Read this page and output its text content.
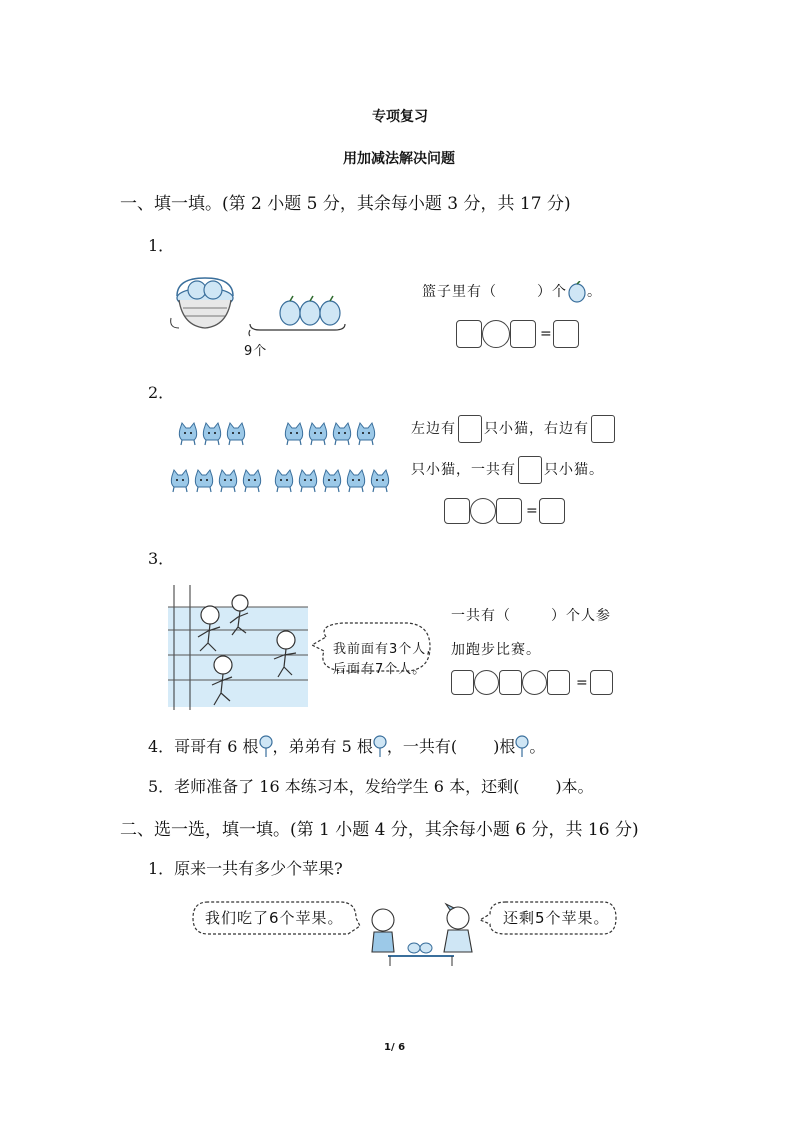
专项复习
用加减法解决问题
一、填一填。(第 2 小题 5 分，其余每小题 3 分，共 17 分)
1．
9个
篮子里有（	）个 。
=
2．
左边有 只小猫，右边有
只小猫，一共有 只小猫。
=
3．
我前面有3个人,
后面有7个人。
一共有（	）个人参
加跑步比赛。
=
4．哥哥有 6 根 ，弟弟有 5 根 ，一共有( )根 。
5．老师准备了 16 本练习本，发给学生 6 本，还剩( )本。
二、选一选，填一填。(第 1 小题 4 分，其余每小题 6 分，共 16 分)
1．原来一共有多少个苹果?
我们吃了6个苹果。	还剩5个苹果。
1/ 6
